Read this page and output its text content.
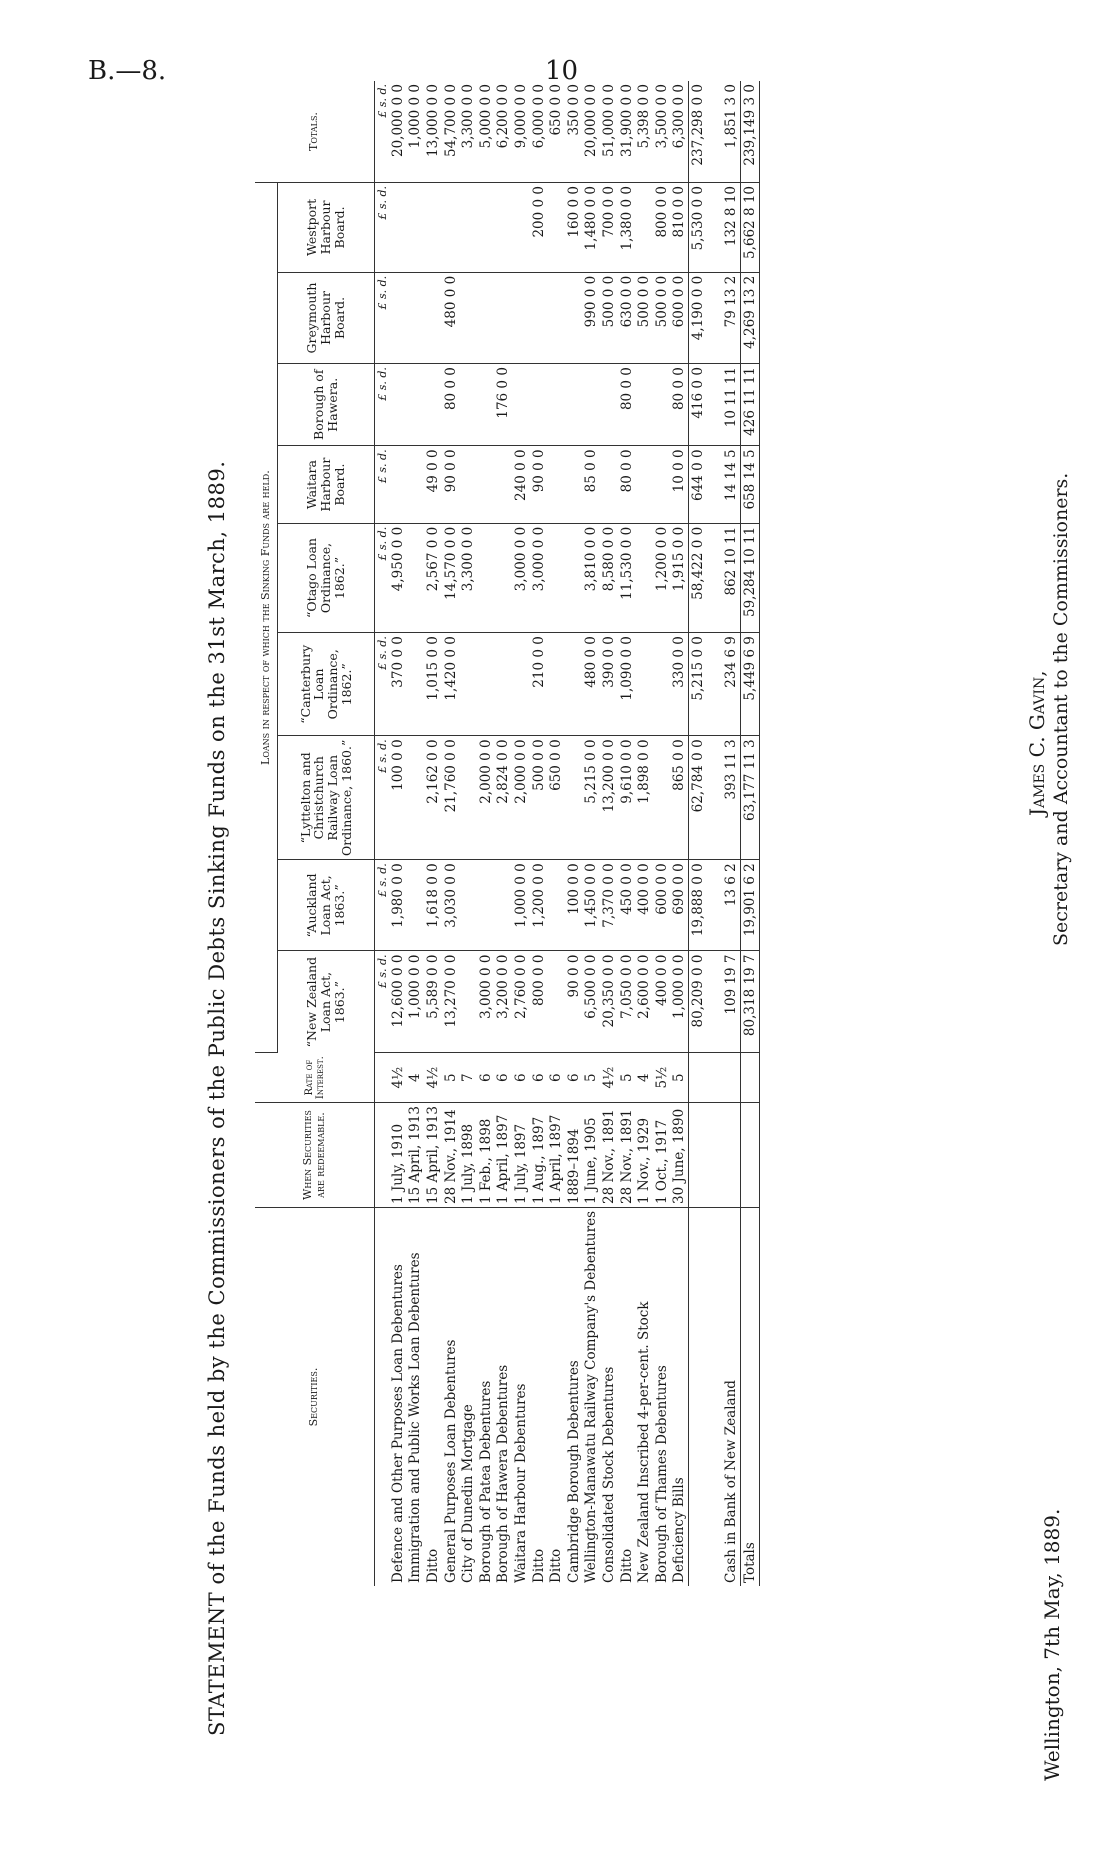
B.—8.	10
STATEMENT of the Funds held by the Commissioners of the Public Debts Sinking Funds on the 31st March, 1889.	Securities.	When Securities are redeemable.	Rate of Interest.	Loans in respect of which the Sinking Funds are held.									Totals.
			“New Zealand Loan Act, 1863.”	“Auckland Loan Act, 1863.”	“Lyttelton and Christchurch Railway Loan Ordinance, 1860.”	“Canterbury Loan Ordinance, 1862.”	“Otago Loan Ordinance, 1862.”	Waitara Harbour Board.	Borough of Hawera.	Greymouth Harbour Board.	Westport Harbour Board.	
			£ s. d.	£ s. d.	£ s. d.	£ s. d.	£ s. d.	£ s. d.	£ s. d.	£ s. d.	£ s. d.	£ s. d.
Defence and Other Purposes Loan Debentures	1 July, 1910	4½	12,600 0 0	1,980 0 0	100 0 0	370 0 0	4,950 0 0					20,000 0 0
Immigration and Public Works Loan Debentures	15 April, 1913	4	1,000 0 0									1,000 0 0
Ditto	15 April, 1913	4½	5,589 0 0	1,618 0 0	2,162 0 0	1,015 0 0	2,567 0 0	49 0 0				13,000 0 0
General Purposes Loan Debentures	28 Nov., 1914	5	13,270 0 0	3,030 0 0	21,760 0 0	1,420 0 0	14,570 0 0	90 0 0	80 0 0	480 0 0		54,700 0 0
City of Dunedin Mortgage	1 July, 1898	7					3,300 0 0					3,300 0 0
Borough of Patea Debentures	1 Feb., 1898	6	3,000 0 0		2,000 0 0							5,000 0 0
Borough of Hawera Debentures	1 April, 1897	6	3,200 0 0		2,824 0 0				176 0 0			6,200 0 0
Waitara Harbour Debentures	1 July, 1897	6	2,760 0 0	1,000 0 0	2,000 0 0		3,000 0 0	240 0 0				9,000 0 0
Ditto	1 Aug., 1897	6	800 0 0	1,200 0 0	500 0 0	210 0 0	3,000 0 0	90 0 0			200 0 0	6,000 0 0
Ditto	1 April, 1897	6			650 0 0							650 0 0
Cambridge Borough Debentures	1889–1894	6	90 0 0	100 0 0							160 0 0	350 0 0
Wellington-Manawatu Railway Company's Debentures	1 June, 1905	5	6,500 0 0	1,450 0 0	5,215 0 0	480 0 0	3,810 0 0	85 0 0		990 0 0	1,480 0 0	20,000 0 0
Consolidated Stock Debentures	28 Nov., 1891	4½	20,350 0 0	7,370 0 0	13,200 0 0	390 0 0	8,580 0 0			500 0 0	700 0 0	51,000 0 0
Ditto	28 Nov., 1891	5	7,050 0 0	450 0 0	9,610 0 0	1,090 0 0	11,530 0 0	80 0 0	80 0 0	630 0 0	1,380 0 0	31,900 0 0
New Zealand Inscribed 4-per-cent. Stock	1 Nov., 1929	4	2,600 0 0	400 0 0	1,898 0 0					500 0 0		5,398 0 0
Borough of Thames Debentures	1 Oct., 1917	5½	400 0 0	600 0 0			1,200 0 0			500 0 0	800 0 0	3,500 0 0
Deficiency Bills	30 June, 1890	5	1,000 0 0	690 0 0	865 0 0	330 0 0	1,915 0 0	10 0 0	80 0 0	600 0 0	810 0 0	6,300 0 0
			80,209 0 0	19,888 0 0	62,784 0 0	5,215 0 0	58,422 0 0	644 0 0	416 0 0	4,190 0 0	5,530 0 0	237,298 0 0

Cash in Bank of New Zealand			109 19 7	13 6 2	393 11 3	234 6 9	862 10 11	14 14 5	10 11 11	79 13 2	132 8 10	1,851 3 0
Totals			80,318 19 7	19,901 6 2	63,177 11 3	5,449 6 9	59,284 10 11	658 14 5	426 11 11	4,269 13 2	5,662 8 10	239,149 3 0
Wellington, 7th May, 1889.
James C. Gavin, Secretary and Accountant to the Commissioners.
